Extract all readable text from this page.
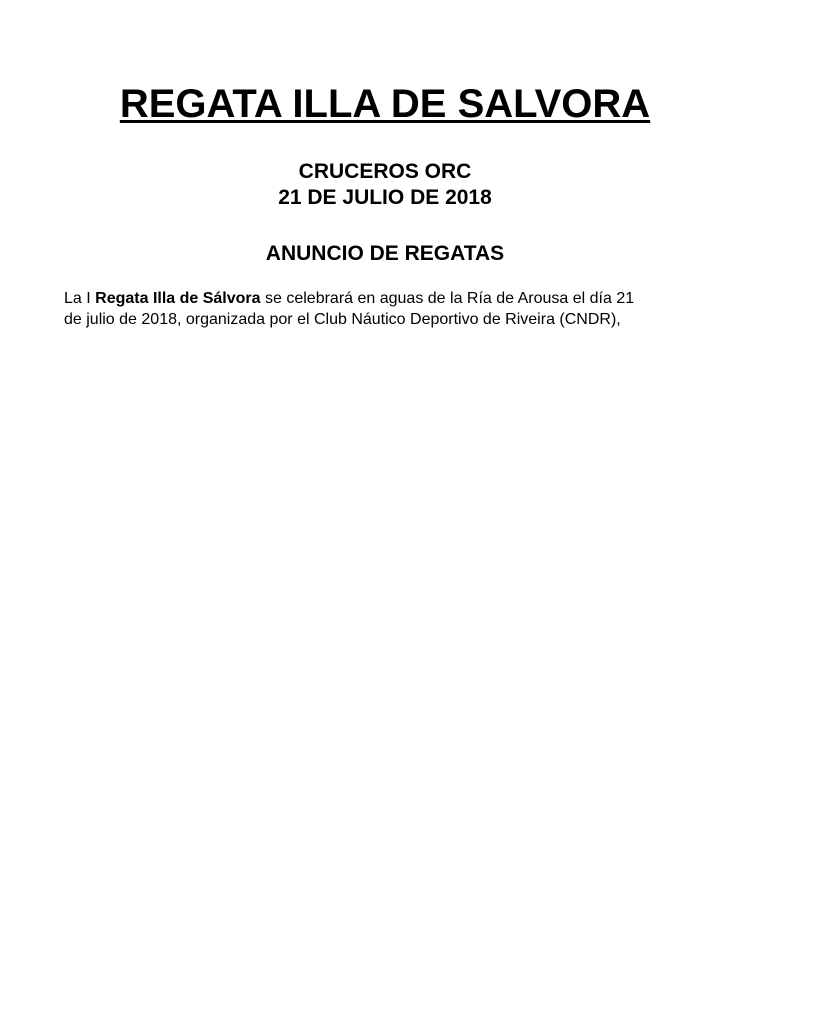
REGATA ILLA DE SALVORA
CRUCEROS ORC
21 DE JULIO DE 2018
ANUNCIO DE REGATAS

La I Regata Illa de Sálvora se celebrará en aguas de la Ría de Arousa el día 21
de julio de 2018, organizada por el Club Náutico Deportivo de Riveira (CNDR),
